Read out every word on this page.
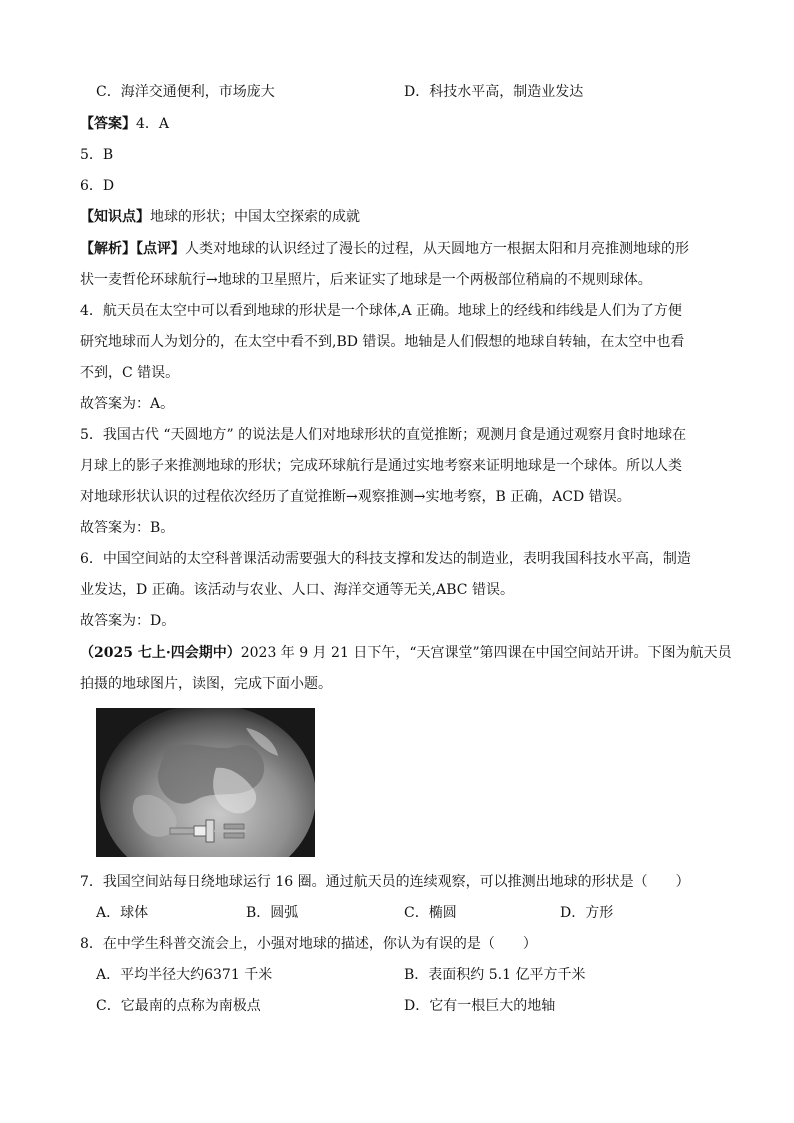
C．海洋交通便利，市场庞大	D．科技水平高，制造业发达
【答案】4．A
5．B
6．D
【知识点】地球的形状；中国太空探索的成就
【解析】【点评】人类对地球的认识经过了漫长的过程，从天圆地方一根据太阳和月亮推测地球的形
状一麦哲伦环球航行→地球的卫星照片，后来证实了地球是一个两极部位稍扁的不规则球体。
4．航天员在太空中可以看到地球的形状是一个球体,A 正确。地球上的经线和纬线是人们为了方便
研究地球而人为划分的，在太空中看不到,BD 错误。地轴是人们假想的地球自转轴，在太空中也看
不到，C 错误。
故答案为：A。
5．我国古代 “天圆地方” 的说法是人们对地球形状的直觉推断；观测月食是通过观察月食时地球在
月球上的影子来推测地球的形状；完成环球航行是通过实地考察来证明地球是一个球体。所以人类
对地球形状认识的过程依次经历了直觉推断→观察推测→实地考察，B 正确，ACD 错误。
故答案为：B。
6．中国空间站的太空科普课活动需要强大的科技支撑和发达的制造业，表明我国科技水平高，制造
业发达，D 正确。该活动与农业、人口、海洋交通等无关,ABC 错误。
故答案为：D。
（2025 七上·四会期中）2023 年 9 月 21 日下午，“天宫课堂”第四课在中国空间站开讲。下图为航天员
拍摄的地球图片，读图，完成下面小题。
7．我国空间站每日绕地球运行 16 圈。通过航天员的连续观察，可以推测出地球的形状是（　　）
A．球体	B．圆弧	C．椭圆	D．方形
8．在中学生科普交流会上，小强对地球的描述，你认为有误的是（　　）
A．平均半径大约6371 千米	B．表面积约 5.1 亿平方千米
C．它最南的点称为南极点	D．它有一根巨大的地轴
